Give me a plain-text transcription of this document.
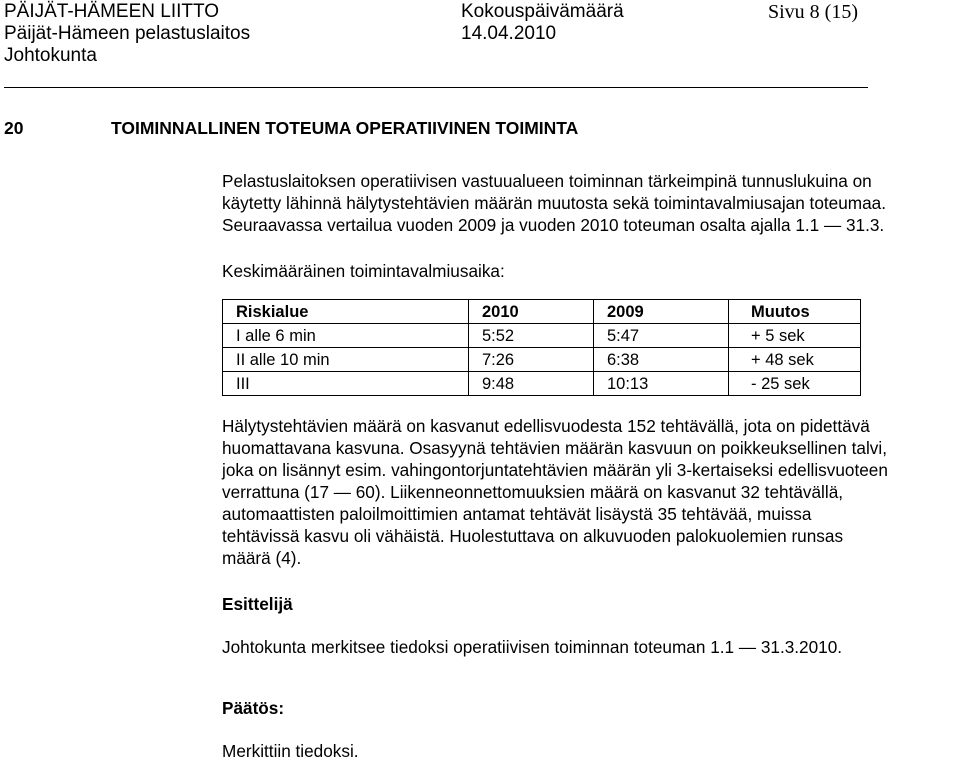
PÄIJÄT-HÄMEEN LIITTO
Päijät-Hämeen pelastuslaitos
Johtokunta
Kokouspäivämäärä
14.04.2010
Sivu 8 (15)
20	TOIMINNALLINEN TOTEUMA OPERATIIVINEN TOIMINTA
Pelastuslaitoksen operatiivisen vastuualueen toiminnan tärkeimpinä tunnuslukuina on
käytetty lähinnä hälytystehtävien määrän muutosta sekä toimintavalmiusajan toteumaa.
Seuraavassa vertailua vuoden 2009 ja vuoden 2010 toteuman osalta ajalla 1.1 — 31.3.
Keskimääräinen toimintavalmiusaika:
Riskialue	2010	2009	Muutos
I alle 6 min	5:52	5:47	+ 5 sek
II alle 10 min	7:26	6:38	+ 48 sek
III	9:48	10:13	- 25 sek
Hälytystehtävien määrä on kasvanut edellisvuodesta 152 tehtävällä, jota on pidettävä
huomattavana kasvuna. Osasyynä tehtävien määrän kasvuun on poikkeuksellinen talvi,
joka on lisännyt esim. vahingontorjuntatehtävien määrän yli 3-kertaiseksi edellisvuoteen
verrattuna (17 — 60). Liikenneonnettomuuksien määrä on kasvanut 32 tehtävällä,
automaattisten paloilmoittimien antamat tehtävät lisäystä 35 tehtävää, muissa
tehtävissä kasvu oli vähäistä. Huolestuttava on alkuvuoden palokuolemien runsas
määrä (4).
Esittelijä
Johtokunta merkitsee tiedoksi operatiivisen toiminnan toteuman 1.1 — 31.3.2010.
Päätös:
Merkittiin tiedoksi.
